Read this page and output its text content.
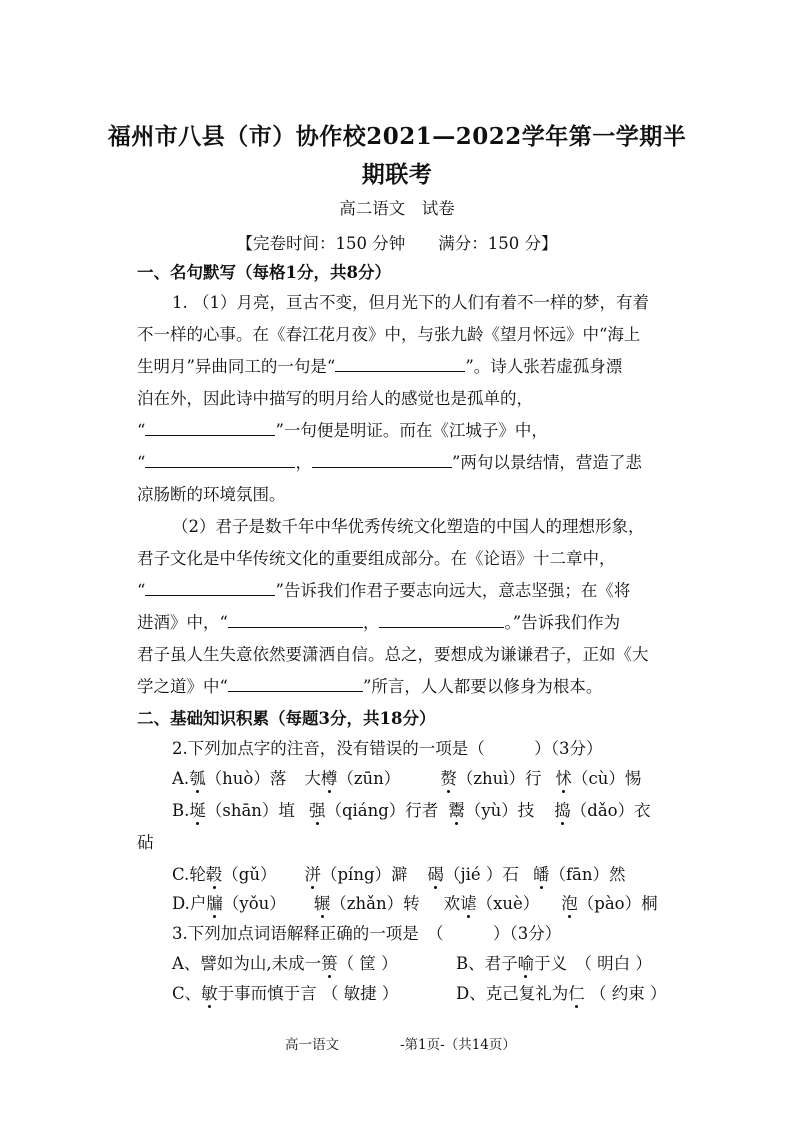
福州市八县（市）协作校2021—2022学年第一学期半
期联考
高二语文　试卷
【完卷时间：150 分钟　　满分：150 分】
一、名句默写（每格1分，共8分）
1. （1）月亮，亘古不变，但月光下的人们有着不一样的梦，有着
不一样的心事。在《春江花月夜》中，与张九龄《望月怀远》中“海上
生明月”异曲同工的一句是“	”。诗人张若虚孤身漂
泊在外，因此诗中描写的明月给人的感觉也是孤单的，
“	”一句便是明证。而在《江城子》中，
“	，	”两句以景结情，营造了悲
凉肠断的环境氛围。
（2）君子是数千年中华优秀传统文化塑造的中国人的理想形象，
君子文化是中华传统文化的重要组成部分。在《论语》十二章中，
“	”告诉我们作君子要志向远大，意志坚强；在《将
进酒》中，“	，	。”告诉我们作为
君子虽人生失意依然要潇洒自信。总之，要想成为谦谦君子，正如《大
学之道》中“	”所言，人人都要以修身为根本。
二、基础知识积累（每题3分，共18分）
2.下列加点字的注音，没有错误的一项是（　　　）（3分）
A.瓠（huò）落 大樽（zūn） 赘（zhuì）行 怵（cù）惕
B.埏（shān）埴 强（qiáng）行者 鬻（yù）技 捣（dǎo）衣
砧
C.轮毂（gǔ） 洴（píng）澼 碣（jié ）石 皤（fān）然
D.户牖（yǒu） 辗（zhǎn）转 欢谑（xuè） 泡（pào）桐
3.下列加点词语解释正确的一项是　（　　　）（3分）
A、譬如为山,未成一篑（ 筐 ）	B、君子喻于义　（ 明白 ）
C、敏于事而慎于言 （ 敏捷 ）	D、克己复礼为仁 （ 约束 ）
高一语文	-第1页-（共14页）
